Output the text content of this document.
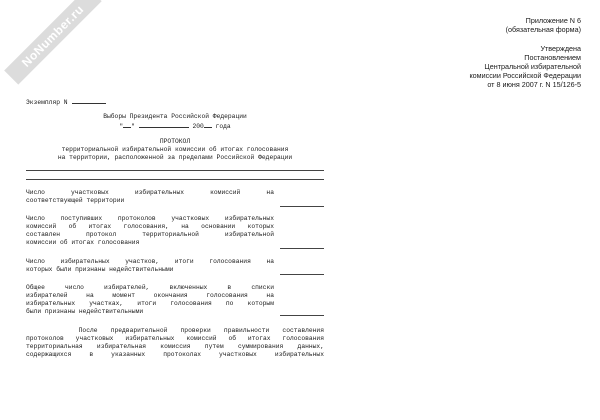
NoNumber.ru	Приложение N 6
(обязательная форма)
Утверждена
Постановлением
Центральной избирательной
комиссии Российской Федерации
от 8 июня 2007 г. N 15/126-5
Экземпляр N
Выборы Президента Российской Федерации
" "	200 года
ПРОТОКОЛ
территориальной избирательной комиссии об итогах голосования
на территории, расположенной за пределами Российской Федерации
Число участковых избирательных комиссий на
соответствующей территории
Число поступивших протоколов участковых избирательных
комиссий об итогах голосования, на основании которых
составлен протокол территориальной избирательной
комиссии об итогах голосования
Число избирательных участков, итоги голосования на
которых были признаны недействительными
Общее число избирателей, включенных в списки
избирателей на момент окончания голосования на
избирательных участках, итоги голосования по которым
были признаны недействительными
После предварительной проверки правильности составления
протоколов участковых избирательных комиссий об итогах голосования
территориальная избирательная комиссия путем суммирования данных,
содержащихся в указанных протоколах участковых избирательных
